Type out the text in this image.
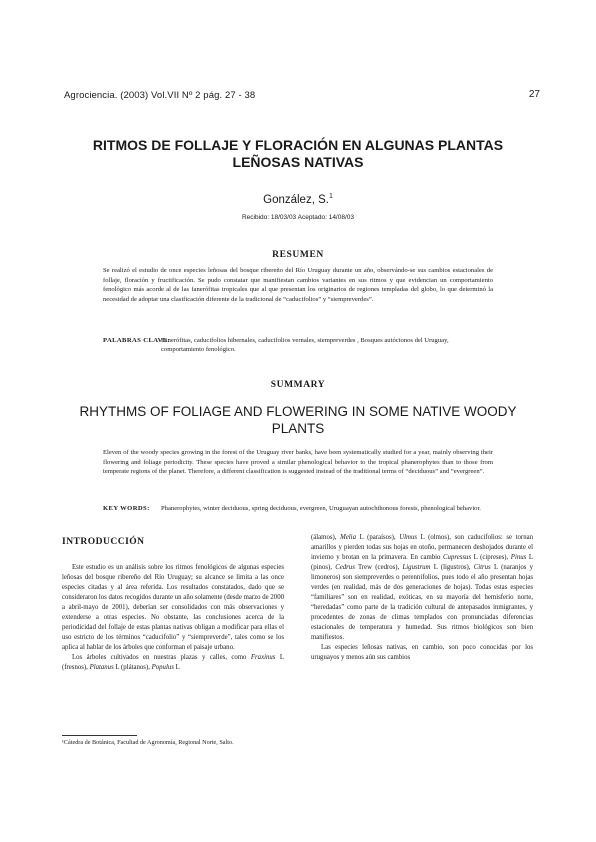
Agrociencia. (2003) Vol.VII Nº 2 pág. 27 - 38	27
RITMOS DE FOLLAJE Y FLORACIÓN EN ALGUNAS PLANTAS LEÑOSAS NATIVAS
González, S.$^1$
Recibido: 18/03/03 Aceptado: 14/08/03
RESUMEN
Se realizó el estudio de once especies leñosas del bosque ribereño del Río Uruguay durante un año, observándo-se sus cambios estacionales de follaje, floración y fructificación. Se pudo constatar que manifiestan cambios variantes en sus ritmos y que evidencian un comportamiento fenológico más acorde al de las fanerófitas tropicales que al que presentan los originarios de regiones templadas del globo, lo que determinó la necesidad de adoptar una clasificación diferente de la tradicional de “caducifolios” y “siempreverdes”.
PALABRAS CLAVE:
Fanerófitas, caducifolios hibernales, caducifolios vernales, siempreverdes , Bosques autóctonos del Uruguay, comportamiento fenológico.
SUMMARY
RHYTHMS OF FOLIAGE AND FLOWERING IN SOME NATIVE WOODY PLANTS
Eleven of the woody species growing in the forest of the Uruguay river banks, have been systematically studied for a year, mainly observing their flowering and foliage periodicity. These species have proved a similar phenological behavior to the tropical phanerophytes than to those from temperate regions of the planet. Therefore, a different classification is suggested instead of the traditional terms of “deciduous” and “evergreen”.
KEY WORDS:	Phanerophytes, winter deciduous, spring deciduous, evergreen, Uruguayan autochthonous forests, phenological behavior.
INTRODUCCIÓN

Este estudio es un análisis sobre los ritmos fenológicos de algunas especies leñosas del bosque ribereño del Río Uruguay; su alcance se limita a las once especies citadas y al área referida. Los resultados constatados, dado que se consideraron los datos recogidos durante un año solamente (desde marzo de 2000 a abril-mayo de 2001), deberían ser consolidados con más observaciones y extenderse a otras especies. No obstante, las conclusiones acerca de la periodicidad del follaje de estas plantas nativas obligan a modificar para ellas el uso estricto de los términos “caducifolio” y “siempreverde”, tales como se los aplica al hablar de los árboles que conforman el paisaje urbano.

Los árboles cultivados en nuestras plazas y calles, como Fraxinus L (fresnos), Platanus L (plátanos), Populus L

(álamos), Melia L (paraísos), Ulmus L (olmos), son caducifolios: se tornan amarillos y pierden todas sus hojas en otoño, permanecen deshojados durante el invierno y brotan en la primavera. En cambio Cupressus L (cipreses), Pinus L (pinos), Cedrus Trew (cedros), Ligustrum L (ligustros), Citrus L (naranjos y limoneros) son siempreverdes o perennifolios, pues todo el año presentan hojas verdes (en realidad, más de dos generaciones de hojas). Todas estas especies “familiares” son en realidad, exóticas, en su mayoría del hemisferio norte, “heredadas” como parte de la tradición cultural de antepasados inmigrantes, y procedentes de zonas de climas templados con pronunciadas diferencias estacionales de temperatura y humedad. Sus ritmos biológicos son bien manifiestos.

Las especies leñosas nativas, en cambio, son poco conocidas por los uruguayos y menos aún sus cambios

¹Cátedra de Botánica, Facultad de Agronomía, Regional Norte, Salto.
